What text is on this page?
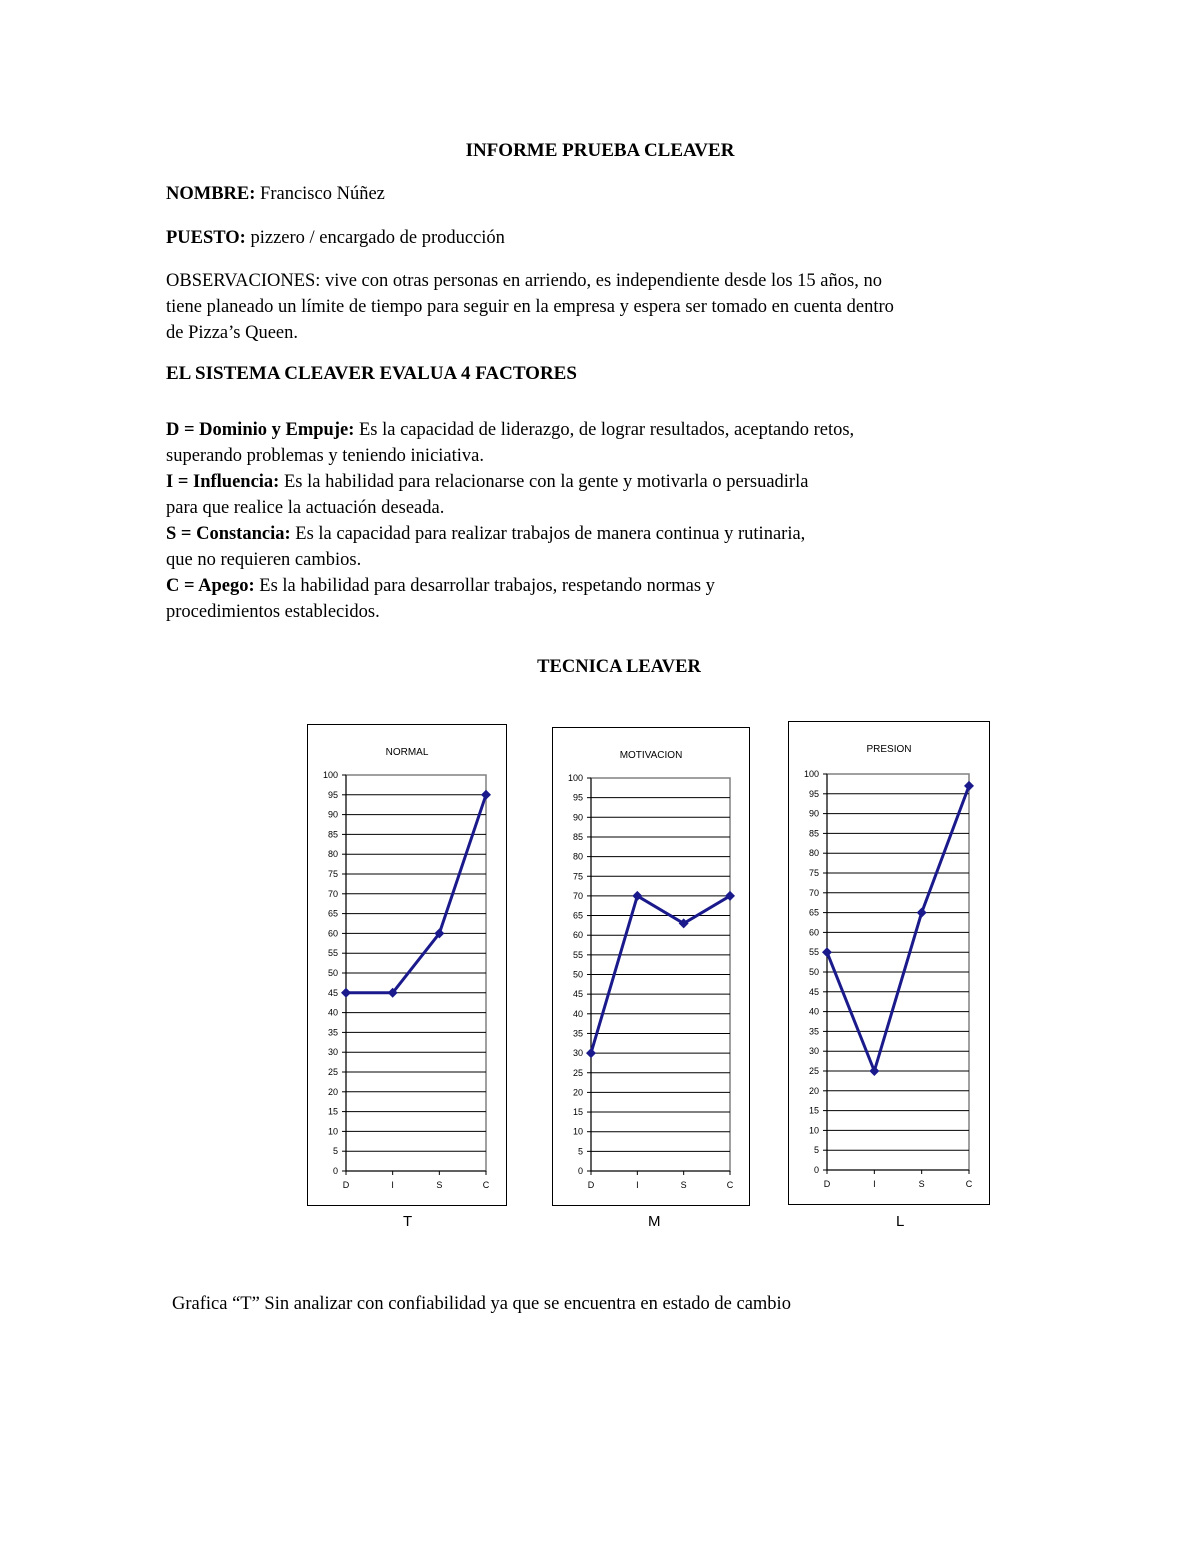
INFORME PRUEBA CLEAVER
NOMBRE: Francisco Núñez
PUESTO: pizzero / encargado de producción
OBSERVACIONES: vive con otras personas en arriendo, es independiente desde los 15 años, no
tiene planeado un límite de tiempo para seguir en la empresa y espera ser tomado en cuenta dentro
de Pizza’s Queen.
EL SISTEMA CLEAVER EVALUA 4 FACTORES
D = Dominio y Empuje: Es la capacidad de liderazgo, de lograr resultados, aceptando retos,
superando problemas y teniendo iniciativa.
I = Influencia: Es la habilidad para relacionarse con la gente y motivarla o persuadirla
para que realice la actuación deseada.
S = Constancia: Es la capacidad para realizar trabajos de manera continua y rutinaria,
que no requieren cambios.
C = Apego: Es la habilidad para desarrollar trabajos, respetando normas y
procedimientos establecidos.
TECNICA LEAVER
NORMAL
0
5
10
15
20
25
30
35
40
45
50
55
60
65
70
75
80
85
90
95
100
D	I	S	C
T
MOTIVACION
0
5
10
15
20
25
30
35
40
45
50
55
60
65
70
75
80
85
90
95
100
D	I	S	C
M
PRESION
0
5
10
15
20
25
30
35
40
45
50
55
60
65
70
75
80
85
90
95
100
D	I	S	C
L
Grafica “T” Sin analizar con confiabilidad ya que se encuentra en estado de cambio
